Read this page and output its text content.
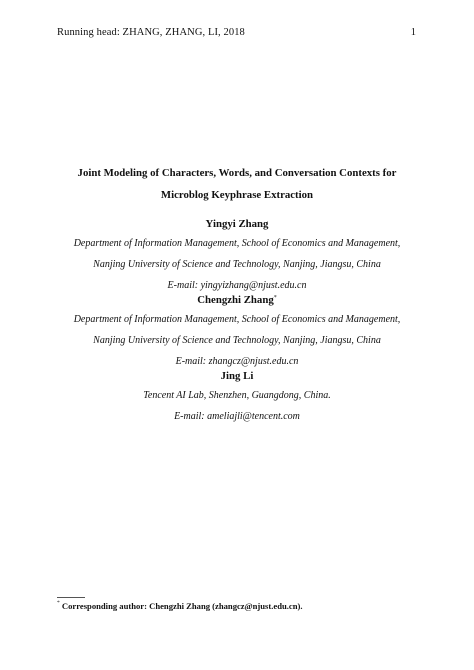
Running head: ZHANG, ZHANG, LI, 2018	1
Joint Modeling of Characters, Words, and Conversation Contexts for
Microblog Keyphrase Extraction
Yingyi Zhang
Department of Information Management, School of Economics and Management,
Nanjing University of Science and Technology, Nanjing, Jiangsu, China
E-mail: yingyizhang@njust.edu.cn
Chengzhi Zhang*
Department of Information Management, School of Economics and Management,
Nanjing University of Science and Technology, Nanjing, Jiangsu, China
E-mail: zhangcz@njust.edu.cn
Jing Li
Tencent AI Lab, Shenzhen, Guangdong, China.
E-mail: ameliajli@tencent.com
* Corresponding author: Chengzhi Zhang (zhangcz@njust.edu.cn).
